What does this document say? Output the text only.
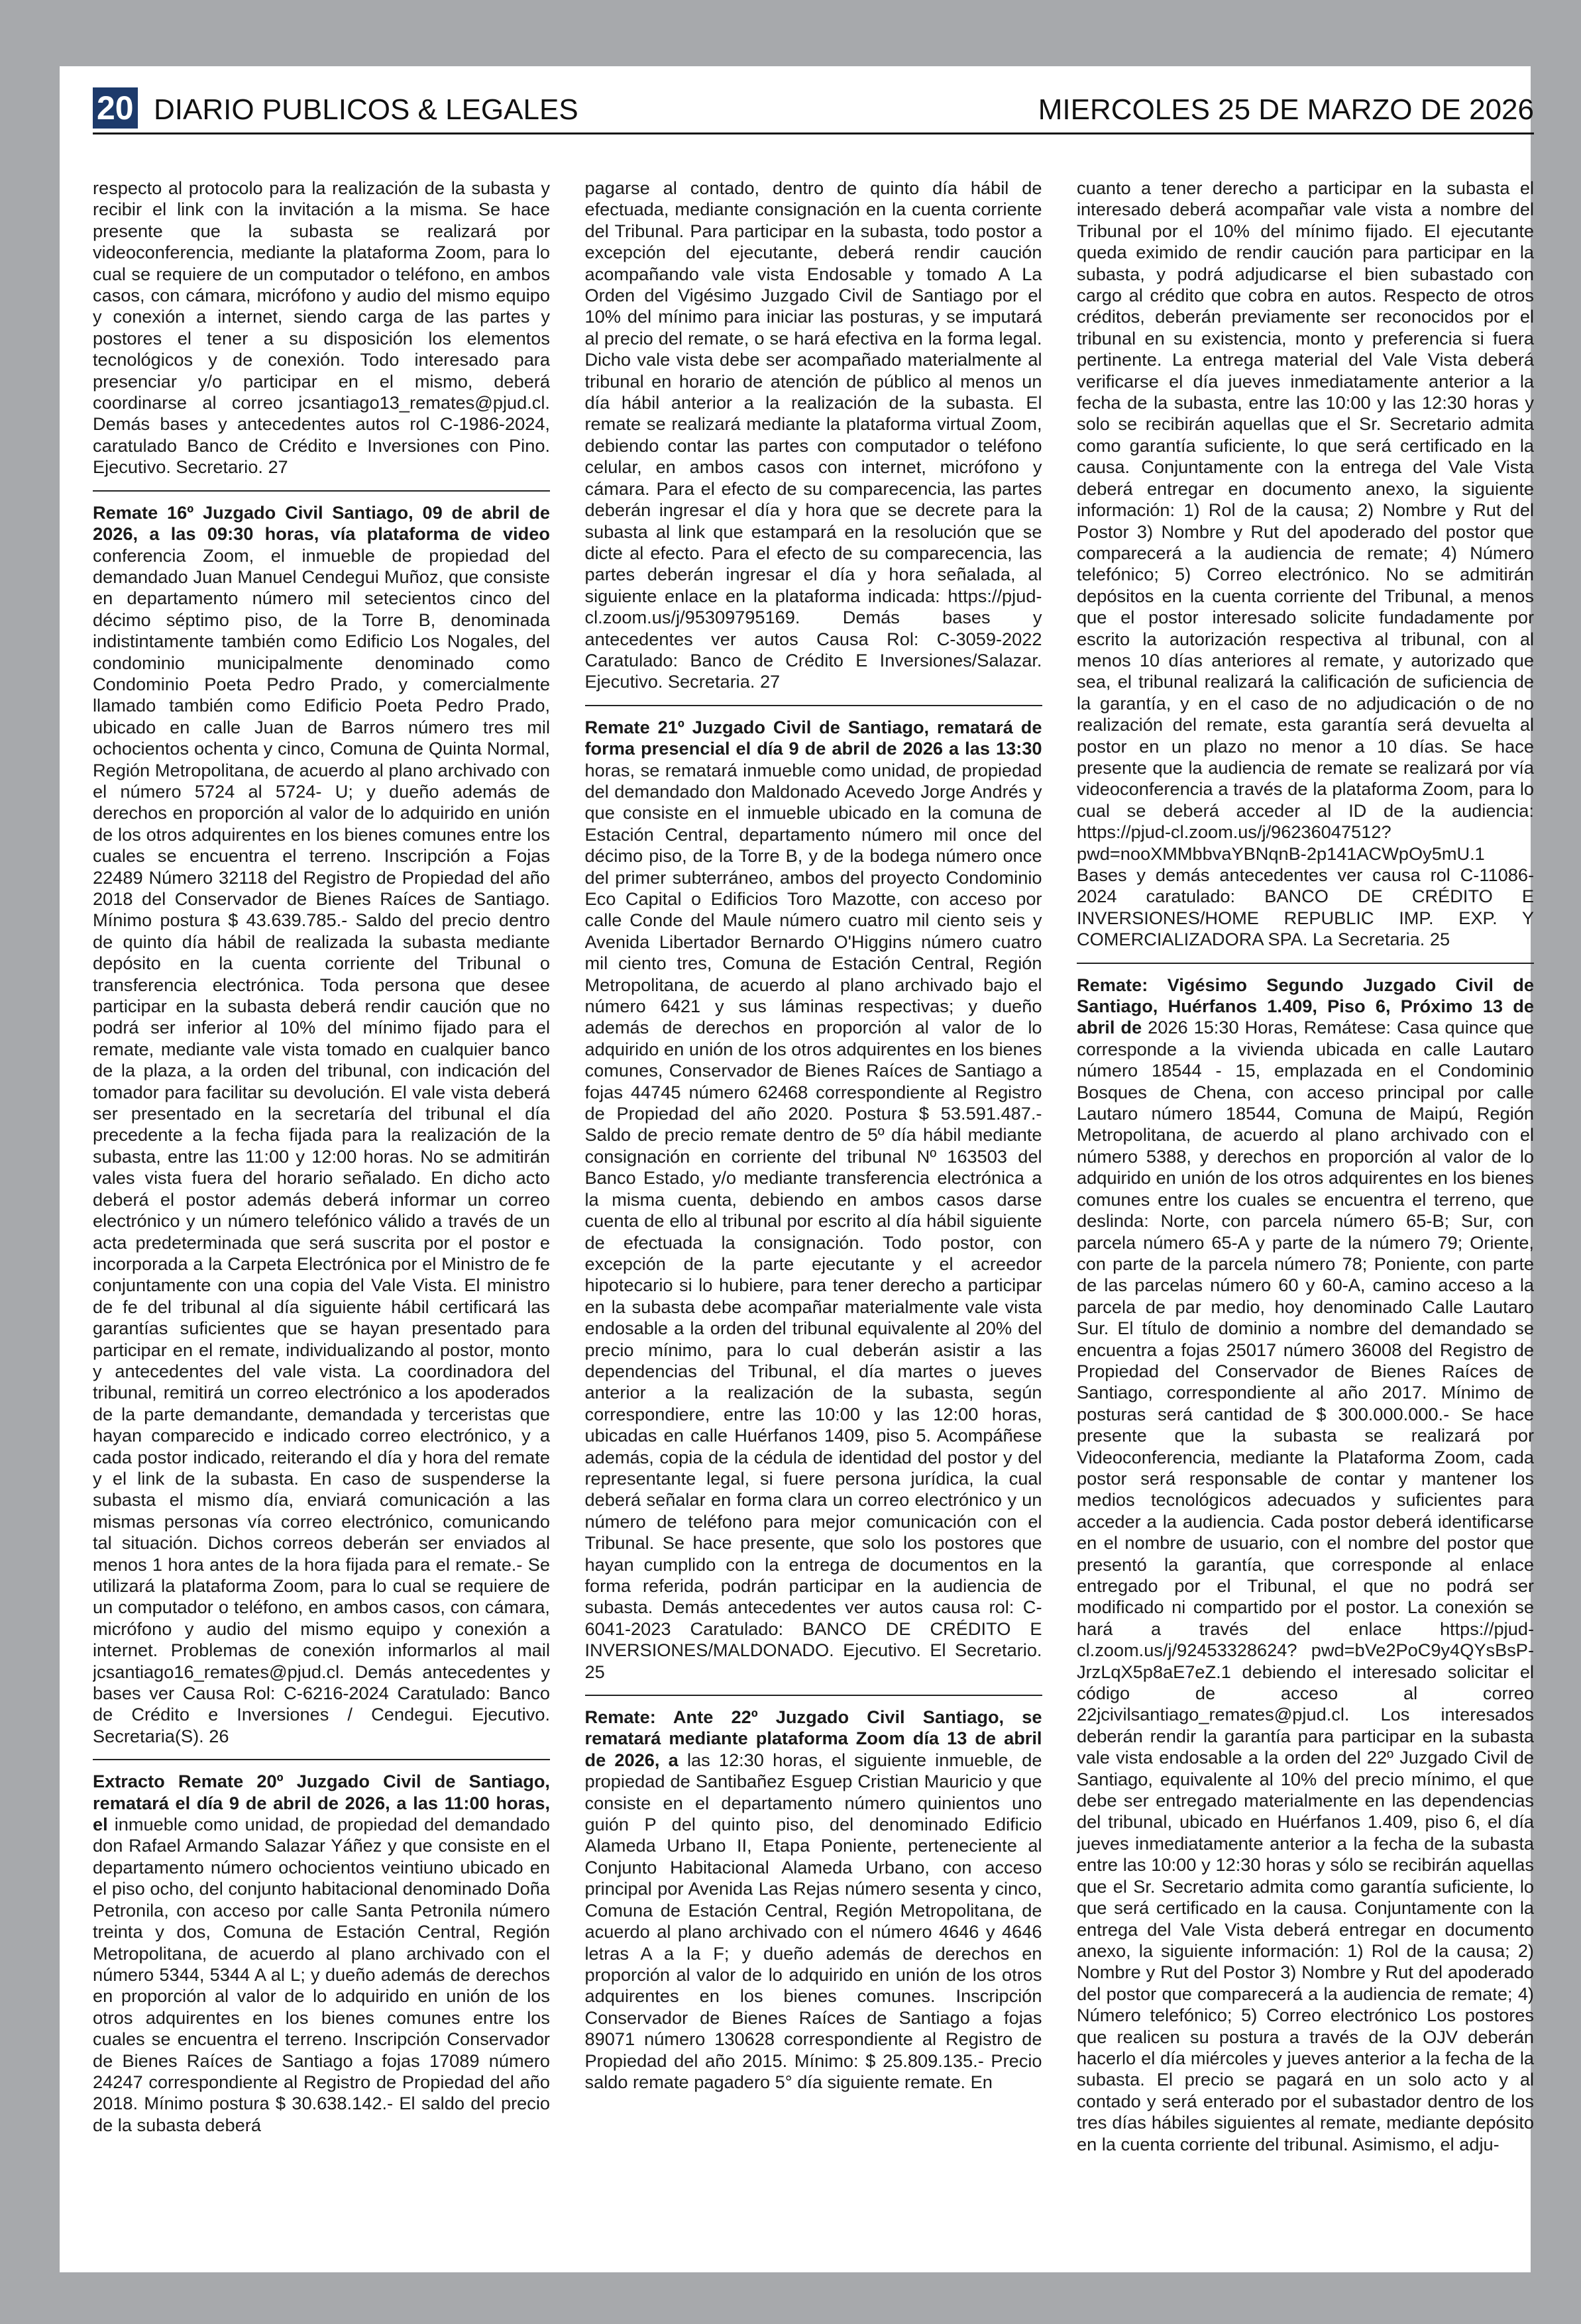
20 DIARIO PUBLICOS & LEGALES	MIERCOLES 25 DE MARZO DE 2026

respecto al protocolo para la realización de la subasta y recibir el link con la invitación a la misma. Se hace presente que la subasta se realizará por videoconferencia, mediante la plataforma Zoom, para lo cual se requiere de un computador o teléfono, en ambos casos, con cámara, micrófono y audio del mismo equipo y conexión a internet, siendo carga de las partes y postores el tener a su disposición los elementos tecnológicos y de conexión. Todo interesado para presenciar y/o participar en el mismo, deberá coordinarse al correo jcsantiago13_remates@pjud.cl. Demás bases y antecedentes autos rol C-1986-2024, caratulado Banco de Crédito e Inversiones con Pino. Ejecutivo. Secretario. 27

Remate 16º Juzgado Civil Santiago, 09 de abril de 2026, a las 09:30 horas, vía plataforma de video conferencia Zoom, el inmueble de propiedad del demandado Juan Manuel Cendegui Muñoz, que consiste en departamento número mil setecientos cinco del décimo séptimo piso, de la Torre B, denominada indistintamente también como Edificio Los Nogales, del condominio municipalmente denominado como Condominio Poeta Pedro Prado, y comercialmente llamado también como Edificio Poeta Pedro Prado, ubicado en calle Juan de Barros número tres mil ochocientos ochenta y cinco, Comuna de Quinta Normal, Región Metropolitana, de acuerdo al plano archivado con el número 5724 al 5724- U; y dueño además de derechos en proporción al valor de lo adquirido en unión de los otros adquirentes en los bienes comunes entre los cuales se encuentra el terreno. Inscripción a Fojas 22489 Número 32118 del Registro de Propiedad del año 2018 del Conservador de Bienes Raíces de Santiago. Mínimo postura $ 43.639.785.- Saldo del precio dentro de quinto día hábil de realizada la subasta mediante depósito en la cuenta corriente del Tribunal o transferencia electrónica. Toda persona que desee participar en la subasta deberá rendir caución que no podrá ser inferior al 10% del mínimo fijado para el remate, mediante vale vista tomado en cualquier banco de la plaza, a la orden del tribunal, con indicación del tomador para facilitar su devolución. El vale vista deberá ser presentado en la secretaría del tribunal el día precedente a la fecha fijada para la realización de la subasta, entre las 11:00 y 12:00 horas. No se admitirán vales vista fuera del horario señalado. En dicho acto deberá el postor además deberá informar un correo electrónico y un número telefónico válido a través de un acta predeterminada que será suscrita por el postor e incorporada a la Carpeta Electrónica por el Ministro de fe conjuntamente con una copia del Vale Vista. El ministro de fe del tribunal al día siguiente hábil certificará las garantías suficientes que se hayan presentado para participar en el remate, individualizando al postor, monto y antecedentes del vale vista. La coordinadora del tribunal, remitirá un correo electrónico a los apoderados de la parte demandante, demandada y terceristas que hayan comparecido e indicado correo electrónico, y a cada postor indicado, reiterando el día y hora del remate y el link de la subasta. En caso de suspenderse la subasta el mismo día, enviará comunicación a las mismas personas vía correo electrónico, comunicando tal situación. Dichos correos deberán ser enviados al menos 1 hora antes de la hora fijada para el remate.- Se utilizará la plataforma Zoom, para lo cual se requiere de un computador o teléfono, en ambos casos, con cámara, micrófono y audio del mismo equipo y conexión a internet. Problemas de conexión informarlos al mail jcsantiago16_remates@pjud.cl. Demás antecedentes y bases ver Causa Rol: C-6216-2024 Caratulado: Banco de Crédito e Inversiones / Cendegui. Ejecutivo. Secretaria(S). 26

Extracto Remate 20º Juzgado Civil de Santiago, rematará el día 9 de abril de 2026, a las 11:00 horas, el inmueble como unidad, de propiedad del demandado don Rafael Armando Salazar Yáñez y que consiste en el departamento número ochocientos veintiuno ubicado en el piso ocho, del conjunto habitacional denominado Doña Petronila, con acceso por calle Santa Petronila número treinta y dos, Comuna de Estación Central, Región Metropolitana, de acuerdo al plano archivado con el número 5344, 5344 A al L; y dueño además de derechos en proporción al valor de lo adquirido en unión de los otros adquirentes en los bienes comunes entre los cuales se encuentra el terreno. Inscripción Conservador de Bienes Raíces de Santiago a fojas 17089 número 24247 correspondiente al Registro de Propiedad del año 2018. Mínimo postura $ 30.638.142.- El saldo del precio de la subasta deberá

pagarse al contado, dentro de quinto día hábil de efectuada, mediante consignación en la cuenta corriente del Tribunal. Para participar en la subasta, todo postor a excepción del ejecutante, deberá rendir caución acompañando vale vista Endosable y tomado A La Orden del Vigésimo Juzgado Civil de Santiago por el 10% del mínimo para iniciar las posturas, y se imputará al precio del remate, o se hará efectiva en la forma legal. Dicho vale vista debe ser acompañado materialmente al tribunal en horario de atención de público al menos un día hábil anterior a la realización de la subasta. El remate se realizará mediante la plataforma virtual Zoom, debiendo contar las partes con computador o teléfono celular, en ambos casos con internet, micrófono y cámara. Para el efecto de su comparecencia, las partes deberán ingresar el día y hora que se decrete para la subasta al link que estampará en la resolución que se dicte al efecto. Para el efecto de su comparecencia, las partes deberán ingresar el día y hora señalada, al siguiente enlace en la plataforma indicada: https://pjud-cl.zoom.us/j/95309795169. Demás bases y antecedentes ver autos Causa Rol: C-3059-2022 Caratulado: Banco de Crédito E Inversiones/Salazar. Ejecutivo. Secretaria. 27

Remate 21º Juzgado Civil de Santiago, rematará de forma presencial el día 9 de abril de 2026 a las 13:30 horas, se rematará inmueble como unidad, de propiedad del demandado don Maldonado Acevedo Jorge Andrés y que consiste en el inmueble ubicado en la comuna de Estación Central, departamento número mil once del décimo piso, de la Torre B, y de la bodega número once del primer subterráneo, ambos del proyecto Condominio Eco Capital o Edificios Toro Mazotte, con acceso por calle Conde del Maule número cuatro mil ciento seis y Avenida Libertador Bernardo O'Higgins número cuatro mil ciento tres, Comuna de Estación Central, Región Metropolitana, de acuerdo al plano archivado bajo el número 6421 y sus láminas respectivas; y dueño además de derechos en proporción al valor de lo adquirido en unión de los otros adquirentes en los bienes comunes, Conservador de Bienes Raíces de Santiago a fojas 44745 número 62468 correspondiente al Registro de Propiedad del año 2020. Postura $ 53.591.487.- Saldo de precio remate dentro de 5º día hábil mediante consignación en corriente del tribunal Nº 163503 del Banco Estado, y/o mediante transferencia electrónica a la misma cuenta, debiendo en ambos casos darse cuenta de ello al tribunal por escrito al día hábil siguiente de efectuada la consignación. Todo postor, con excepción de la parte ejecutante y el acreedor hipotecario si lo hubiere, para tener derecho a participar en la subasta debe acompañar materialmente vale vista endosable a la orden del tribunal equivalente al 20% del precio mínimo, para lo cual deberán asistir a las dependencias del Tribunal, el día martes o jueves anterior a la realización de la subasta, según correspondiere, entre las 10:00 y las 12:00 horas, ubicadas en calle Huérfanos 1409, piso 5. Acompáñese además, copia de la cédula de identidad del postor y del representante legal, si fuere persona jurídica, la cual deberá señalar en forma clara un correo electrónico y un número de teléfono para mejor comunicación con el Tribunal. Se hace presente, que solo los postores que hayan cumplido con la entrega de documentos en la forma referida, podrán participar en la audiencia de subasta. Demás antecedentes ver autos causa rol: C-6041-2023 Caratulado: BANCO DE CRÉDITO E INVERSIONES/MALDONADO. Ejecutivo. El Secretario. 25

Remate: Ante 22º Juzgado Civil Santiago, se rematará mediante plataforma Zoom día 13 de abril de 2026, a las 12:30 horas, el siguiente inmueble, de propiedad de Santibañez Esguep Cristian Mauricio y que consiste en el departamento número quinientos uno guión P del quinto piso, del denominado Edificio Alameda Urbano II, Etapa Poniente, perteneciente al Conjunto Habitacional Alameda Urbano, con acceso principal por Avenida Las Rejas número sesenta y cinco, Comuna de Estación Central, Región Metropolitana, de acuerdo al plano archivado con el número 4646 y 4646 letras A a la F; y dueño además de derechos en proporción al valor de lo adquirido en unión de los otros adquirentes en los bienes comunes. Inscripción Conservador de Bienes Raíces de Santiago a fojas 89071 número 130628 correspondiente al Registro de Propiedad del año 2015. Mínimo: $ 25.809.135.- Precio saldo remate pagadero 5° día siguiente remate. En

cuanto a tener derecho a participar en la subasta el interesado deberá acompañar vale vista a nombre del Tribunal por el 10% del mínimo fijado. El ejecutante queda eximido de rendir caución para participar en la subasta, y podrá adjudicarse el bien subastado con cargo al crédito que cobra en autos. Respecto de otros créditos, deberán previamente ser reconocidos por el tribunal en su existencia, monto y preferencia si fuera pertinente. La entrega material del Vale Vista deberá verificarse el día jueves inmediatamente anterior a la fecha de la subasta, entre las 10:00 y las 12:30 horas y solo se recibirán aquellas que el Sr. Secretario admita como garantía suficiente, lo que será certificado en la causa. Conjuntamente con la entrega del Vale Vista deberá entregar en documento anexo, la siguiente información: 1) Rol de la causa; 2) Nombre y Rut del Postor 3) Nombre y Rut del apoderado del postor que comparecerá a la audiencia de remate; 4) Número telefónico; 5) Correo electrónico. No se admitirán depósitos en la cuenta corriente del Tribunal, a menos que el postor interesado solicite fundadamente por escrito la autorización respectiva al tribunal, con al menos 10 días anteriores al remate, y autorizado que sea, el tribunal realizará la calificación de suficiencia de la garantía, y en el caso de no adjudicación o de no realización del remate, esta garantía será devuelta al postor en un plazo no menor a 10 días. Se hace presente que la audiencia de remate se realizará por vía videoconferencia a través de la plataforma Zoom, para lo cual se deberá acceder al ID de la audiencia: https://pjud-cl.zoom.us/j/96236047512?pwd=nooXMMbbvaYBNqnB-2p141ACWpOy5mU.1 Bases y demás antecedentes ver causa rol C-11086-2024 caratulado: BANCO DE CRÉDITO E INVERSIONES/HOME REPUBLIC IMP. EXP. Y COMERCIALIZADORA SPA. La Secretaria. 25

Remate: Vigésimo Segundo Juzgado Civil de Santiago, Huérfanos 1.409, Piso 6, Próximo 13 de abril de 2026 15:30 Horas, Remátese: Casa quince que corresponde a la vivienda ubicada en calle Lautaro número 18544 - 15, emplazada en el Condominio Bosques de Chena, con acceso principal por calle Lautaro número 18544, Comuna de Maipú, Región Metropolitana, de acuerdo al plano archivado con el número 5388, y derechos en proporción al valor de lo adquirido en unión de los otros adquirentes en los bienes comunes entre los cuales se encuentra el terreno, que deslinda: Norte, con parcela número 65-B; Sur, con parcela número 65-A y parte de la número 79; Oriente, con parte de la parcela número 78; Poniente, con parte de las parcelas número 60 y 60-A, camino acceso a la parcela de par medio, hoy denominado Calle Lautaro Sur. El título de dominio a nombre del demandado se encuentra a fojas 25017 número 36008 del Registro de Propiedad del Conservador de Bienes Raíces de Santiago, correspondiente al año 2017. Mínimo de posturas será cantidad de $ 300.000.000.- Se hace presente que la subasta se realizará por Videoconferencia, mediante la Plataforma Zoom, cada postor será responsable de contar y mantener los medios tecnológicos adecuados y suficientes para acceder a la audiencia. Cada postor deberá identificarse en el nombre de usuario, con el nombre del postor que presentó la garantía, que corresponde al enlace entregado por el Tribunal, el que no podrá ser modificado ni compartido por el postor. La conexión se hará a través del enlace https://pjud-cl.zoom.us/j/92453328624? pwd=bVe2PoC9y4QYsBsP-JrzLqX5p8aE7eZ.1 debiendo el interesado solicitar el código de acceso al correo 22jcivilsantiago_remates@pjud.cl. Los interesados deberán rendir la garantía para participar en la subasta vale vista endosable a la orden del 22º Juzgado Civil de Santiago, equivalente al 10% del precio mínimo, el que debe ser entregado materialmente en las dependencias del tribunal, ubicado en Huérfanos 1.409, piso 6, el día jueves inmediatamente anterior a la fecha de la subasta entre las 10:00 y 12:30 horas y sólo se recibirán aquellas que el Sr. Secretario admita como garantía suficiente, lo que será certificado en la causa. Conjuntamente con la entrega del Vale Vista deberá entregar en documento anexo, la siguiente información: 1) Rol de la causa; 2) Nombre y Rut del Postor 3) Nombre y Rut del apoderado del postor que comparecerá a la audiencia de remate; 4) Número telefónico; 5) Correo electrónico Los postores que realicen su postura a través de la OJV deberán hacerlo el día miércoles y jueves anterior a la fecha de la subasta. El precio se pagará en un solo acto y al contado y será enterado por el subastador dentro de los tres días hábiles siguientes al remate, mediante depósito en la cuenta corriente del tribunal. Asimismo, el adju-
